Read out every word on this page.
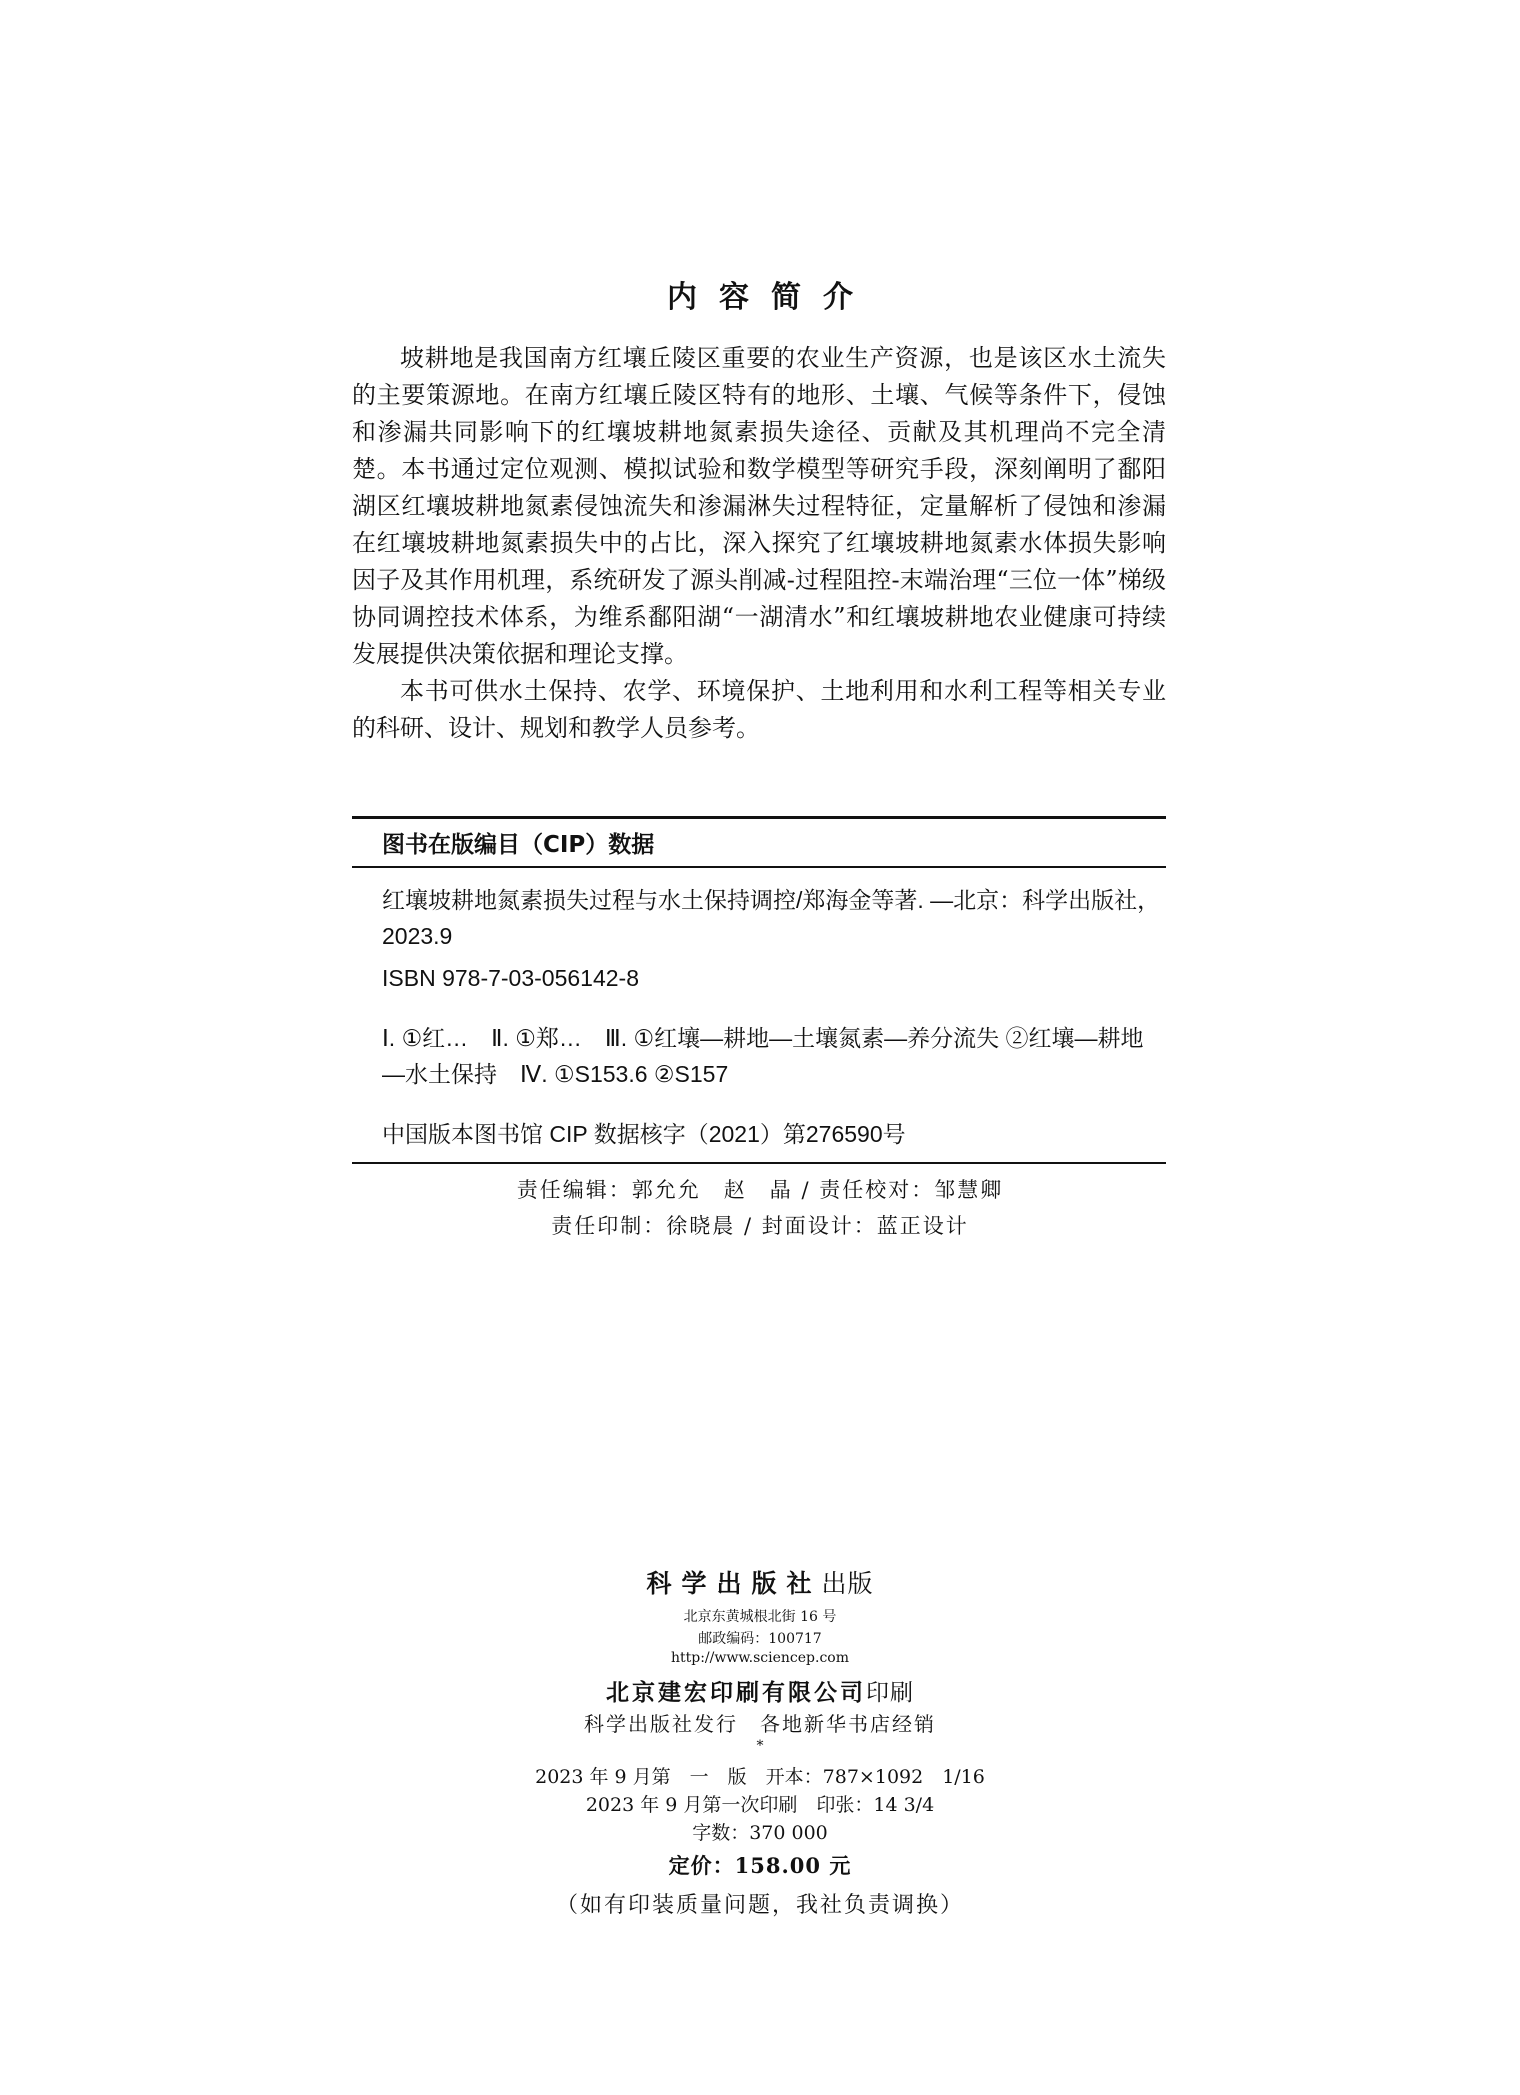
内容简介

坡耕地是我国南方红壤丘陵区重要的农业生产资源，也是该区水土流失的主要策源地。在南方红壤丘陵区特有的地形、土壤、气候等条件下，侵蚀和渗漏共同影响下的红壤坡耕地氮素损失途径、贡献及其机理尚不完全清楚。本书通过定位观测、模拟试验和数学模型等研究手段，深刻阐明了鄱阳湖区红壤坡耕地氮素侵蚀流失和渗漏淋失过程特征，定量解析了侵蚀和渗漏在红壤坡耕地氮素损失中的占比，深入探究了红壤坡耕地氮素水体损失影响因子及其作用机理，系统研发了源头削减-过程阻控-末端治理“三位一体”梯级协同调控技术体系，为维系鄱阳湖“一湖清水”和红壤坡耕地农业健康可持续发展提供决策依据和理论支撑。

本书可供水土保持、农学、环境保护、土地利用和水利工程等相关专业的科研、设计、规划和教学人员参考。

图书在版编目（CIP）数据
红壤坡耕地氮素损失过程与水土保持调控/郑海金等著. —北京：科学出版社，2023.9
ISBN 978-7-03-056142-8
Ⅰ. ①红…　Ⅱ. ①郑…　Ⅲ. ①红壤—耕地—土壤氮素—养分流失 ②红壤—耕地—水土保持　Ⅳ. ①S153.6 ②S157
中国版本图书馆 CIP 数据核字（2021）第276590号
责任编辑：郭允允　赵　晶 / 责任校对：邹慧卿
责任印制：徐晓晨 / 封面设计：蓝正设计
科学出版社出版
北京东黄城根北街 16 号
邮政编码：100717
http://www.sciencep.com
北京建宏印刷有限公司印刷
科学出版社发行　各地新华书店经销
*
2023 年 9 月第　一　版　开本：787×1092　1/16
2023 年 9 月第一次印刷　印张：14 3/4
字数：370 000
定价：158.00 元
（如有印装质量问题，我社负责调换）
